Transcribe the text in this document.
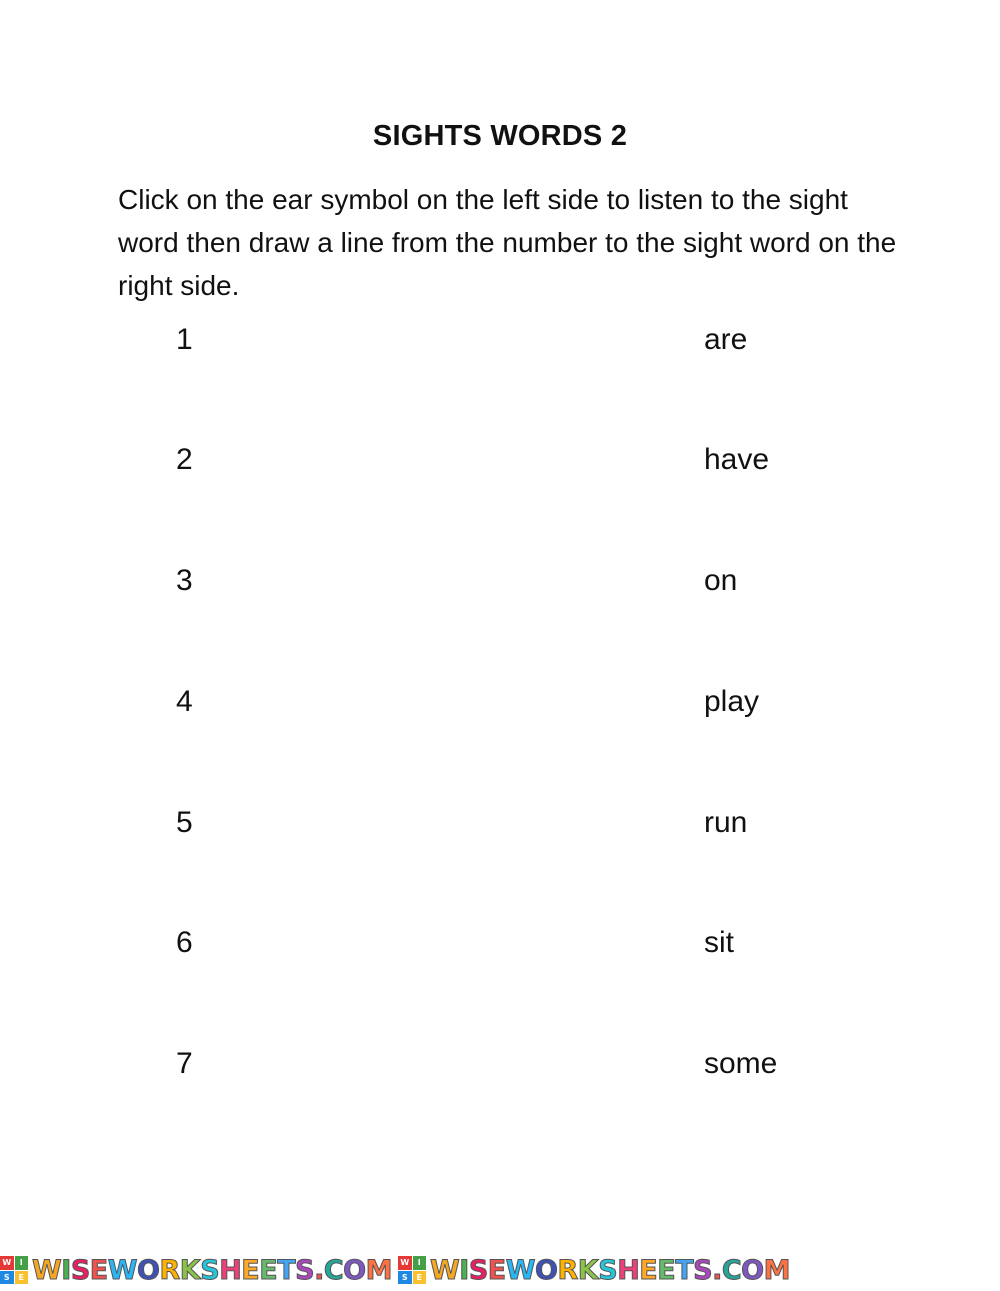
SIGHTS WORDS 2
Click on the ear symbol on the left side to listen to the sight word then draw a line from the number to the sight word on the right side.
1	are
2	have
3	on
4	play
5	run
6	sit
7	some
W	I
S	E W I S E W O R K S H E E T S . C O M W	I
S	E W I S E W O R K S H E E T S . C O M
